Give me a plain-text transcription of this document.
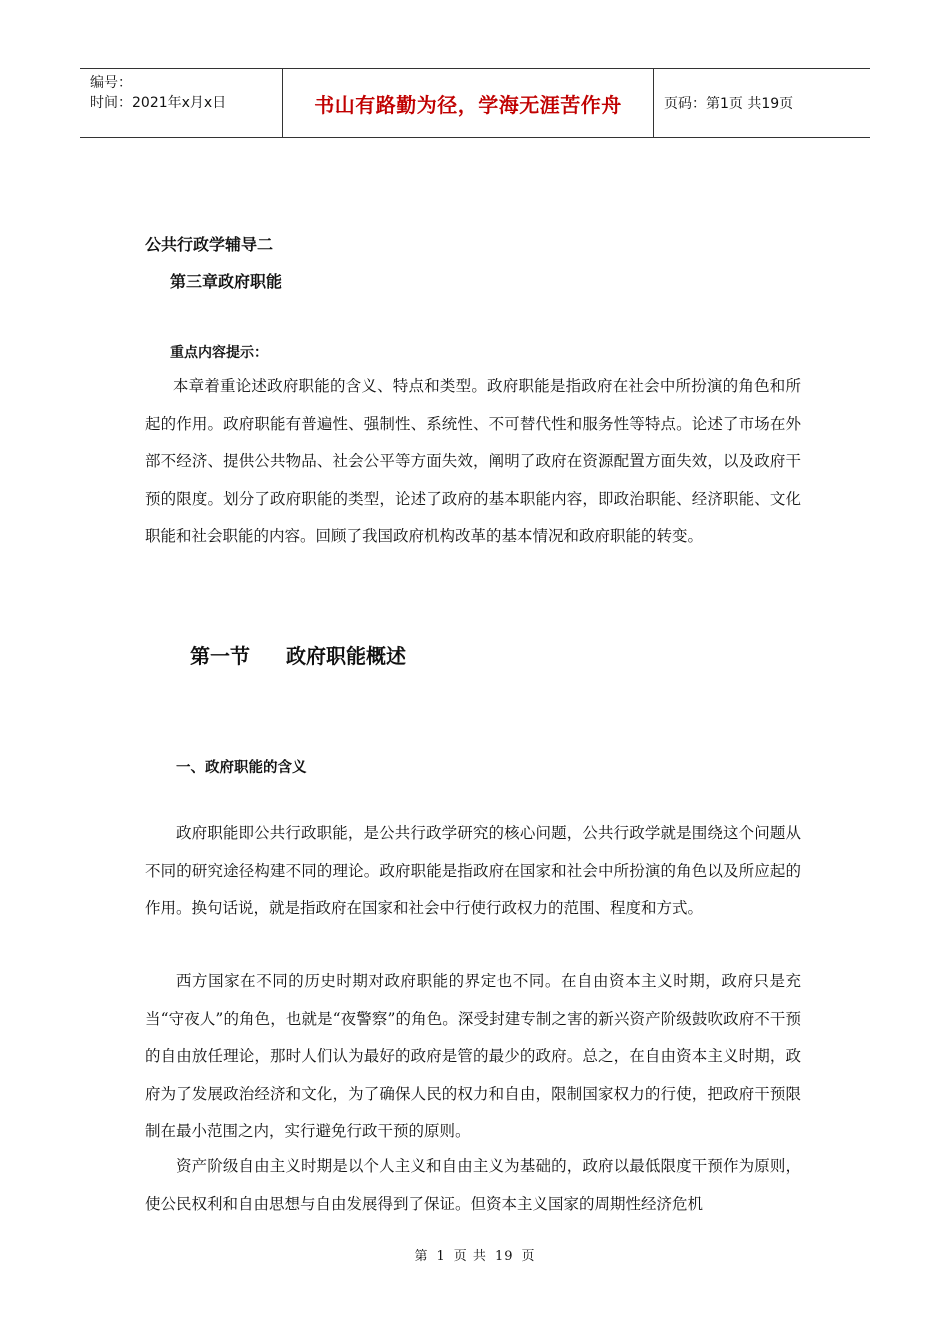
编号：
时间：2021年x月x日	书山有路勤为径，学海无涯苦作舟	页码：第1页 共19页
公共行政学辅导二
第三章政府职能
重点内容提示：

本章着重论述政府职能的含义、特点和类型。政府职能是指政府在社会中所扮演的角色和所起的作用。政府职能有普遍性、强制性、系统性、不可替代性和服务性等特点。论述了市场在外部不经济、提供公共物品、社会公平等方面失效，阐明了政府在资源配置方面失效，以及政府干预的限度。划分了政府职能的类型，论述了政府的基本职能内容，即政治职能、经济职能、文化职能和社会职能的内容。回顾了我国政府机构改革的基本情况和政府职能的转变。

第一节 政府职能概述
一、政府职能的含义

政府职能即公共行政职能，是公共行政学研究的核心问题，公共行政学就是围绕这个问题从不同的研究途径构建不同的理论。政府职能是指政府在国家和社会中所扮演的角色以及所应起的作用。换句话说，就是指政府在国家和社会中行使行政权力的范围、程度和方式。

西方国家在不同的历史时期对政府职能的界定也不同。在自由资本主义时期，政府只是充当“守夜人”的角色，也就是“夜警察”的角色。深受封建专制之害的新兴资产阶级鼓吹政府不干预的自由放任理论，那时人们认为最好的政府是管的最少的政府。总之，在自由资本主义时期，政府为了发展政治经济和文化，为了确保人民的权力和自由，限制国家权力的行使，把政府干预限制在最小范围之内，实行避免行政干预的原则。

资产阶级自由主义时期是以个人主义和自由主义为基础的，政府以最低限度干预作为原则，使公民权利和自由思想与自由发展得到了保证。但资本主义国家的周期性经济危机

第 1 页 共 19 页
